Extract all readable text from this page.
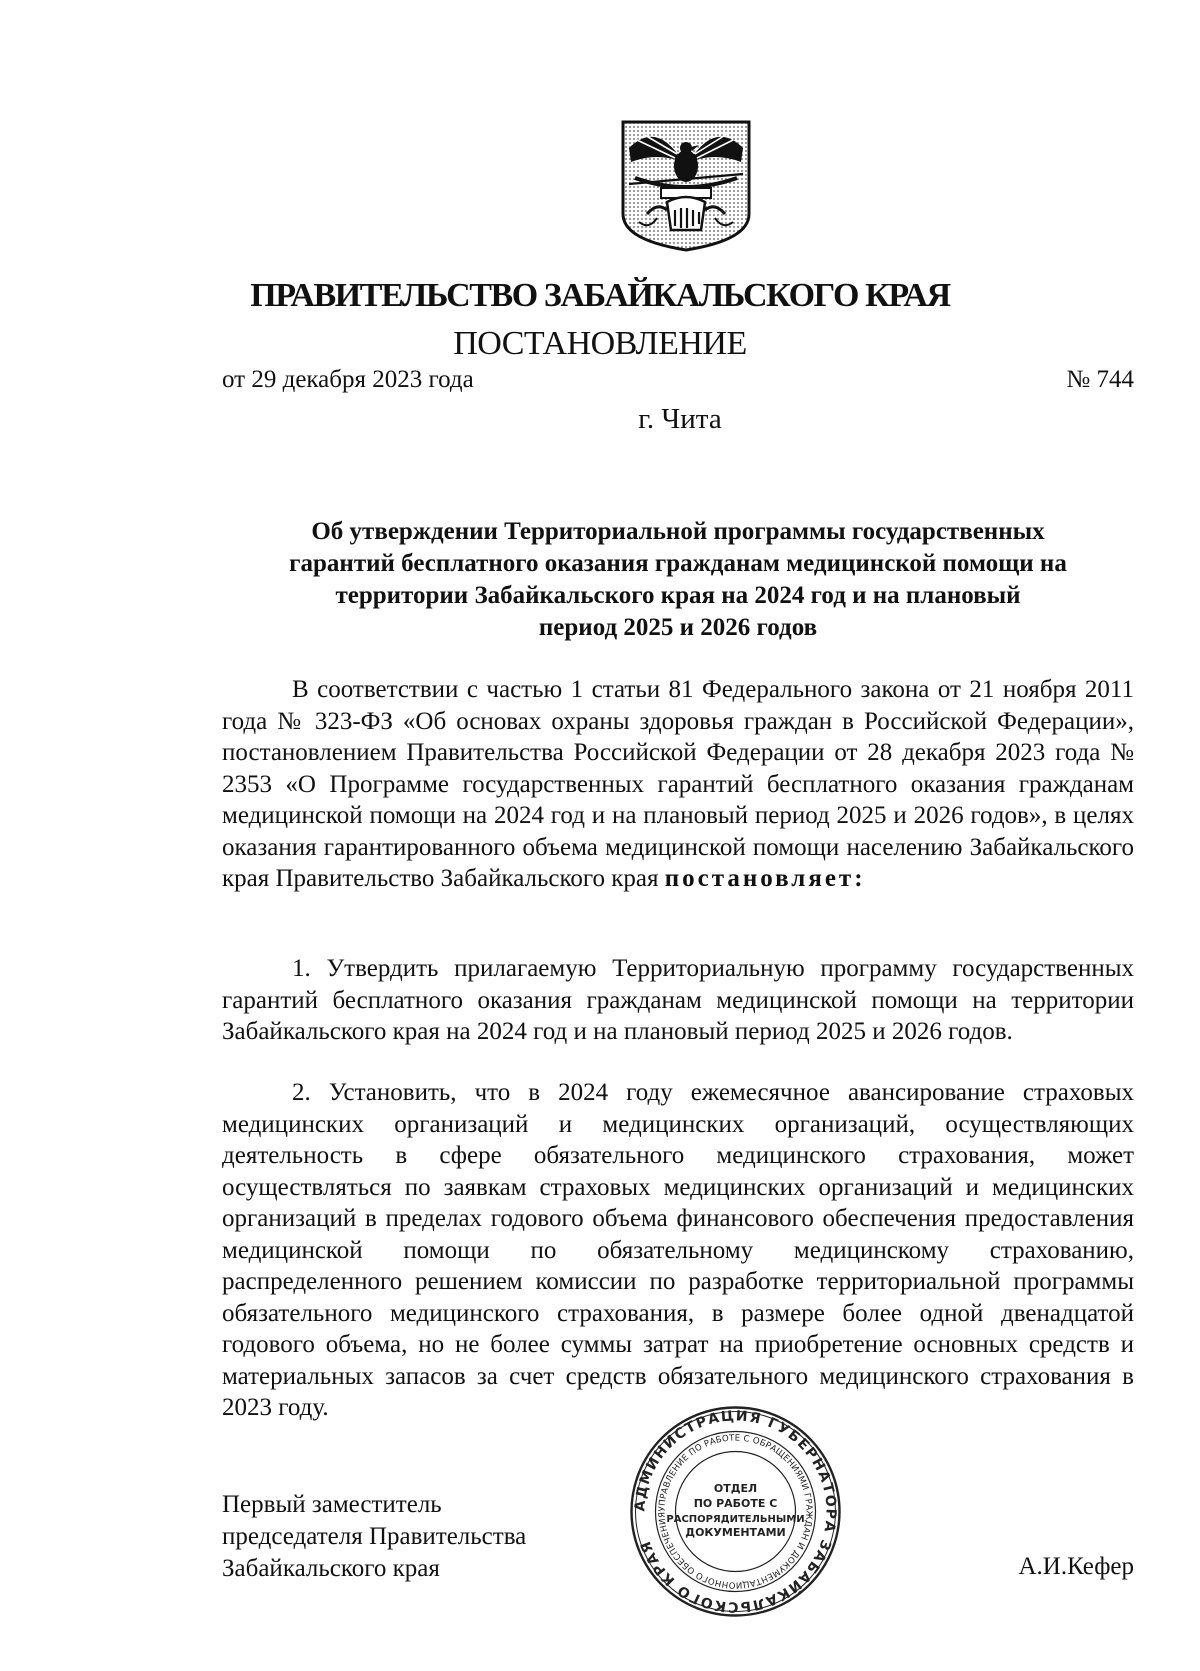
ПРАВИТЕЛЬСТВО ЗАБАЙКАЛЬСКОГО КРАЯ
ПОСТАНОВЛЕНИЕ
от 29 декабря 2023 года	№ 744
г. Чита
Об утверждении Территориальной программы государственных
гарантий бесплатного оказания гражданам медицинской помощи на
территории Забайкальского края на 2024 год и на плановый
период 2025 и 2026 годов
В соответствии с частью 1 статьи 81 Федерального закона от 21 ноября 2011 года № 323-ФЗ «Об основах охраны здоровья граждан в Российской Федерации», постановлением Правительства Российской Федерации от 28 декабря 2023 года № 2353 «О Программе государственных гарантий бесплатного оказания гражданам медицинской помощи на 2024 год и на плановый период 2025 и 2026 годов», в целях оказания гарантированного объема медицинской помощи населению Забайкальского края Правительство Забайкальского края постановляет:
1. Утвердить прилагаемую Территориальную программу государственных гарантий бесплатного оказания гражданам медицинской помощи на территории Забайкальского края на 2024 год и на плановый период 2025 и 2026 годов.
2. Установить, что в 2024 году ежемесячное авансирование страховых медицинских организаций и медицинских организаций, осуществляющих деятельность в сфере обязательного медицинского страхования, может осуществляться по заявкам страховых медицинских организаций и медицинских организаций в пределах годового объема финансового обеспечения предоставления медицинской помощи по обязательному медицинскому страхованию, распределенного решением комиссии по разработке территориальной программы обязательного медицинского страхования, в размере более одной двенадцатой годового объема, но не более суммы затрат на приобретение основных средств и материальных запасов за счет средств обязательного медицинского страхования в 2023 году.
Первый заместитель
председателя Правительства
Забайкальского края	А.И.Кефер
АДМИНИСТРАЦИЯ ГУБЕРНАТОРА ЗАБАЙКАЛЬСКОГО КРАЯ
УПРАВЛЕНИЕ ПО РАБОТЕ С ОБРАЩЕНИЯМИ ГРАЖДАН И ДОКУМЕНТАЦИОННОГО ОБЕСПЕЧЕНИЯ
ОТДЕЛ
ПО РАБОТЕ С
РАСПОРЯДИТЕЛЬНЫМИ
ДОКУМЕНТАМИ
